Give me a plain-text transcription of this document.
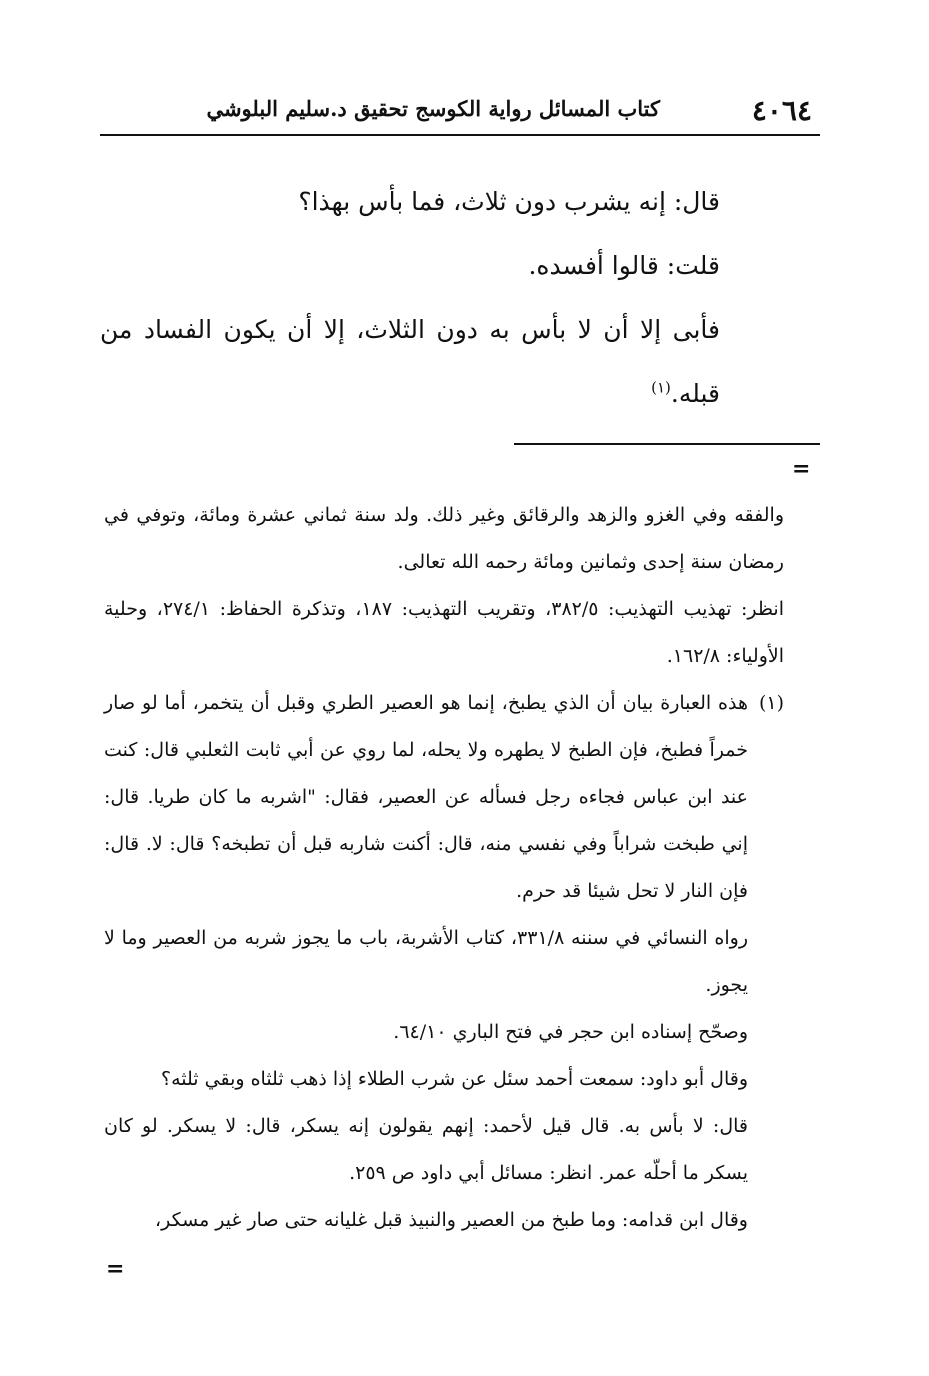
٤٠٦٤
كتاب المسائل رواية الكوسج تحقيق د.سليم البلوشي

قال: إنه يشرب دون ثلاث، فما بأس بهذا؟

قلت: قالوا أفسده.

فأبى إلا أن لا بأس به دون الثلاث، إلا أن يكون الفساد من قبله.$^{(١)}$

=

والفقه وفي الغزو والزهد والرقائق وغير ذلك. ولد سنة ثماني عشرة ومائة، وتوفي في رمضان سنة إحدى وثمانين ومائة رحمه الله تعالى.

انظر: تهذيب التهذيب: ٣٨٢/٥، وتقريب التهذيب: ١٨٧، وتذكرة الحفاظ: ٢٧٤/١، وحلية الأولياء: ١٦٢/٨.

(١)

هذه العبارة بيان أن الذي يطبخ، إنما هو العصير الطري وقبل أن يتخمر، أما لو صار خمراً فطبخ، فإن الطبخ لا يطهره ولا يحله، لما روي عن أبي ثابت الثعلبي قال: كنت عند ابن عباس فجاءه رجل فسأله عن العصير، فقال: "اشربه ما كان طريا. قال: إني طبخت شراباً وفي نفسي منه، قال: أكنت شاربه قبل أن تطبخه؟ قال: لا. قال: فإن النار لا تحل شيئا قد حرم.

رواه النسائي في سننه ٣٣١/٨، كتاب الأشربة، باب ما يجوز شربه من العصير وما لا يجوز.

وصحّح إسناده ابن حجر في فتح الباري ٦٤/١٠.

وقال أبو داود: سمعت أحمد سئل عن شرب الطلاء إذا ذهب ثلثاه وبقي ثلثه؟

قال: لا بأس به. قال قيل لأحمد: إنهم يقولون إنه يسكر، قال: لا يسكر. لو كان يسكر ما أحلّه عمر. انظر: مسائل أبي داود ص ٢٥٩.

وقال ابن قدامه: وما طبخ من العصير والنبيذ قبل غليانه حتى صار غير مسكر،

=
